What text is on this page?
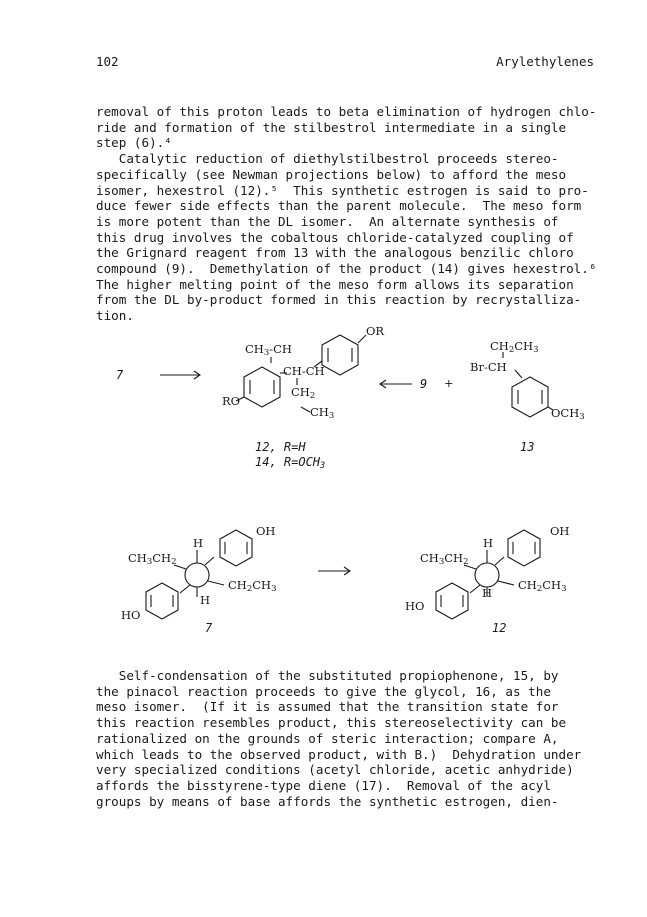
102	Arylethylenes

removal of this proton leads to beta elimination of hydrogen chlo-
ride and formation of the stilbestrol intermediate in a single
step (6).⁴
Catalytic reduction of diethylstilbestrol proceeds stereo-
specifically (see Newman projections below) to afford the meso
isomer, hexestrol (12).⁵  This synthetic estrogen is said to pro-
duce fewer side effects than the parent molecule.  The meso form
is more potent than the DL isomer.  An alternate synthesis of
this drug involves the cobaltous chloride-catalyzed coupling of
the Grignard reagent from 13 with the analogous benzilic chloro
compound (9).  Demethylation of the product (14) gives hexestrol.⁶
The higher melting point of the meso form allows its separation
from the DL by-product formed in this reaction by recrystalliza-
tion.

7
$CH_3-CH$
CH-CH
$CH_2$
$CH_3$
OR
RO
9 +
$CH_2CH_3$
Br-CH
$OCH_3$
12, R=H
14, $R=OCH_3$
13
H
OH
$CH_3CH_2$
$CH_2CH_3$
H
HO
7
H
OH
$CH_3CH_2$
$CH_2CH_3$
H
HO
12

Self-condensation of the substituted propiophenone, 15, by
the pinacol reaction proceeds to give the glycol, 16, as the
meso isomer.  (If it is assumed that the transition state for
this reaction resembles product, this stereoselectivity can be
rationalized on the grounds of steric interaction; compare A,
which leads to the observed product, with B.)  Dehydration under
very specialized conditions (acetyl chloride, acetic anhydride)
affords the bisstyrene-type diene (17).  Removal of the acyl
groups by means of base affords the synthetic estrogen, dien-
